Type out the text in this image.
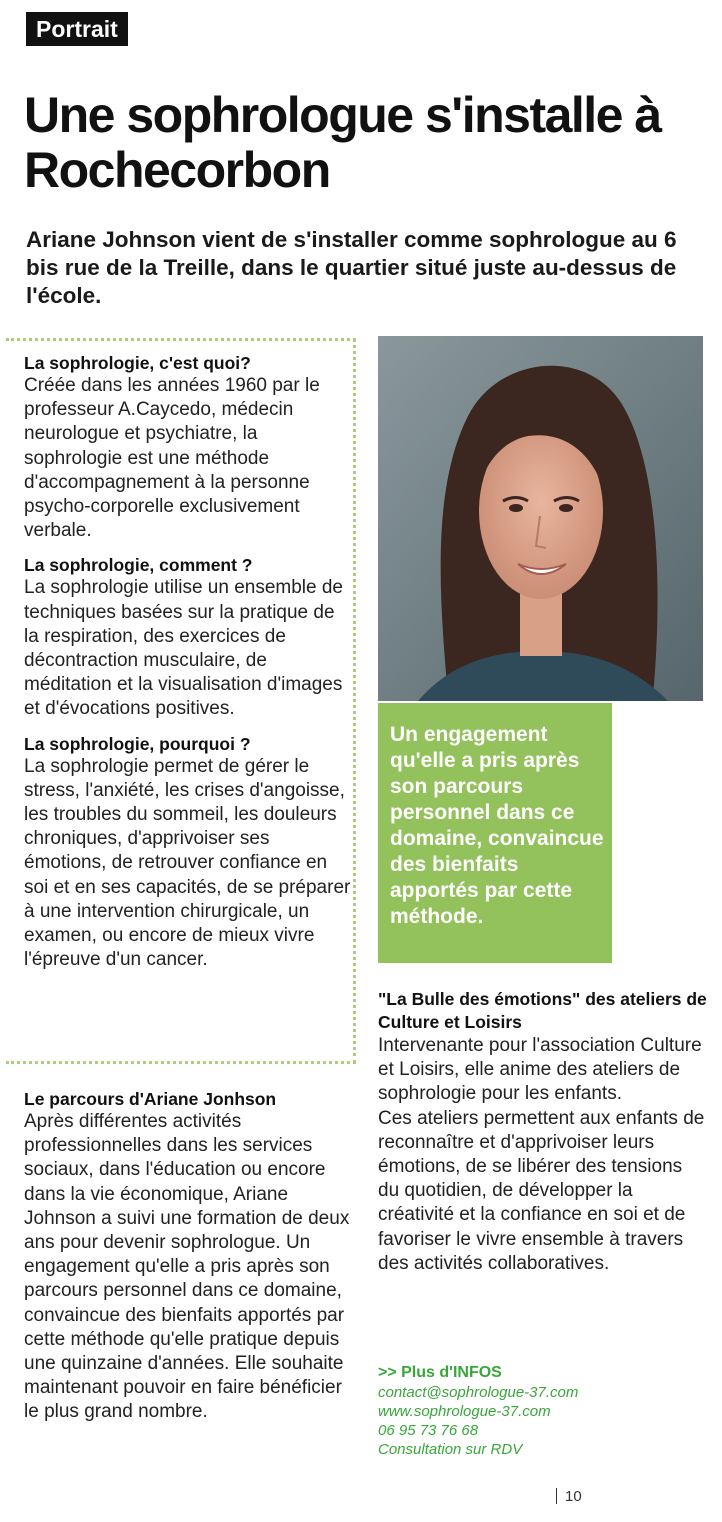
Portrait
Une sophrologue s'installe à Rochecorbon

Ariane Johnson vient de s'installer comme sophrologue au 6 bis rue de la Treille, dans le quartier situé juste au-dessus de l'école.

La sophrologie, c'est quoi?

Créée dans les années 1960 par le professeur A.Caycedo, médecin neurologue et psychiatre, la sophrologie est une méthode d'accompagnement à la personne psycho-corporelle exclusivement verbale.

La sophrologie, comment ?

La sophrologie utilise un ensemble de techniques basées sur la pratique de la respiration, des exercices de décontraction musculaire, de méditation et la visualisation d'images et d'évocations positives.

La sophrologie, pourquoi ?

La sophrologie permet de gérer le stress, l'anxiété, les crises d'angoisse, les troubles du sommeil, les douleurs chroniques, d'apprivoiser ses émotions, de retrouver confiance en soi et en ses capacités, de se préparer à une intervention chirurgicale, un examen, ou encore de mieux vivre l'épreuve d'un cancer.

Le parcours d'Ariane Jonhson

Après différentes activités professionnelles dans les services sociaux, dans l'éducation ou encore dans la vie économique, Ariane Johnson a suivi une formation de deux ans pour devenir sophrologue. Un engagement qu'elle a pris après son parcours personnel dans ce domaine, convaincue des bienfaits apportés par cette méthode qu'elle pratique depuis une quinzaine d'années. Elle souhaite maintenant pouvoir en faire bénéficier le plus grand nombre.

Un engagement qu'elle a pris après son parcours personnel dans ce domaine, convaincue des bienfaits apportés par cette méthode.
"La Bulle des émotions" des ateliers de Culture et Loisirs

Intervenante pour l'association Culture et Loisirs, elle anime des ateliers de sophrologie pour les enfants.

Ces ateliers permettent aux enfants de reconnaître et d'apprivoiser leurs émotions, de se libérer des tensions du quotidien, de développer la créativité et la confiance en soi et de favoriser le vivre ensemble à travers des activités collaboratives.

>> Plus d'INFOS
contact@sophrologue-37.com
www.sophrologue-37.com
06 95 73 76 68
Consultation sur RDV
10
